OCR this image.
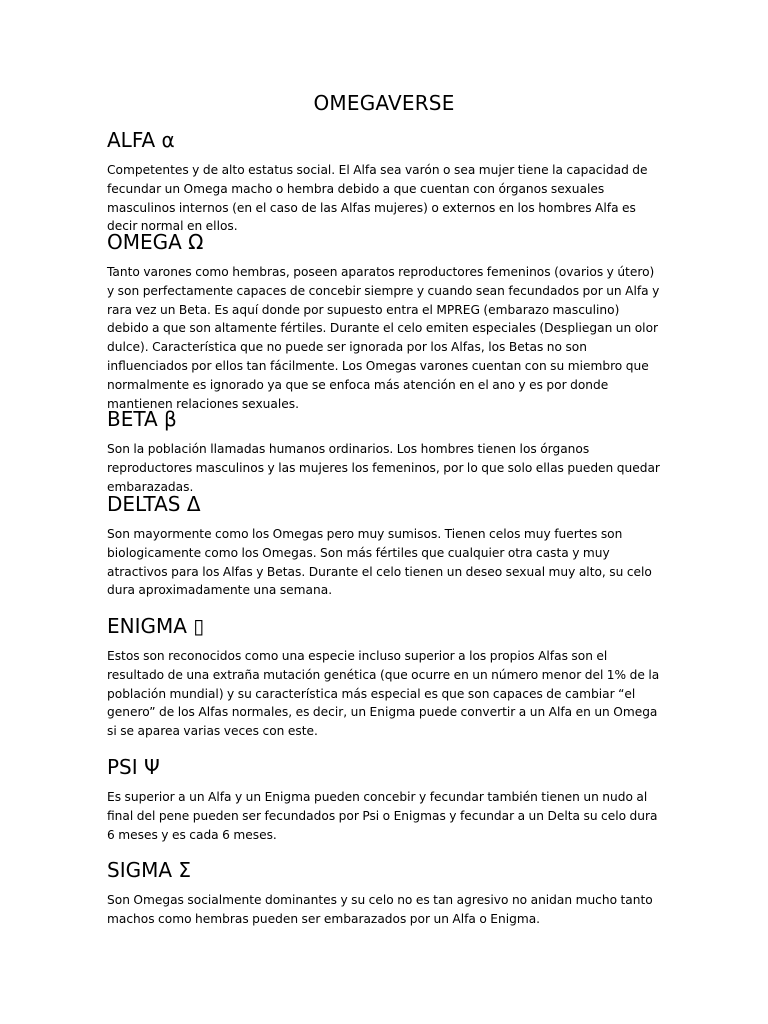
OMEGAVERSE
ALFA α

Competentes y de alto estatus social. El Alfa sea varón o sea mujer tiene la capacidad de fecundar un Omega macho o hembra debido a que cuentan con órganos sexuales masculinos internos (en el caso de las Alfas mujeres) o externos en los hombres Alfa es decir normal en ellos.

OMEGA Ω

Tanto varones como hembras, poseen aparatos reproductores femeninos (ovarios y útero) y son perfectamente capaces de concebir siempre y cuando sean fecundados por un Alfa y rara vez un Beta. Es aquí donde por supuesto entra el MPREG (embarazo masculino) debido a que son altamente fértiles. Durante el celo emiten especiales (Despliegan un olor dulce). Característica que no puede ser ignorada por los Alfas, los Betas no son influenciados por ellos tan fácilmente. Los Omegas varones cuentan con su miembro que normalmente es ignorado ya que se enfoca más atención en el ano y es por donde mantienen relaciones sexuales.

BETA β

Son la población llamadas humanos ordinarios. Los hombres tienen los órganos reproductores masculinos y las mujeres los femeninos, por lo que solo ellas pueden quedar embarazadas.

DELTAS Δ

Son mayormente como los Omegas pero muy sumisos. Tienen celos muy fuertes son biologicamente como los Omegas. Son más fértiles que cualquier otra casta y muy atractivos para los Alfas y Betas. Durante el celo tienen un deseo sexual muy alto, su celo dura aproximadamente una semana.

ENIGMA ▯

Estos son reconocidos como una especie incluso superior a los propios Alfas son el resultado de una extraña mutación genética (que ocurre en un número menor del 1% de la población mundial) y su característica más especial es que son capaces de cambiar “el genero” de los Alfas normales, es decir, un Enigma puede convertir a un Alfa en un Omega si se aparea varias veces con este.

PSI Ψ

Es superior a un Alfa y un Enigma pueden concebir y fecundar también tienen un nudo al final del pene pueden ser fecundados por Psi o Enigmas y fecundar a un Delta su celo dura 6 meses y es cada 6 meses.

SIGMA Σ

Son Omegas socialmente dominantes y su celo no es tan agresivo no anidan mucho tanto machos como hembras pueden ser embarazados por un Alfa o Enigma.
